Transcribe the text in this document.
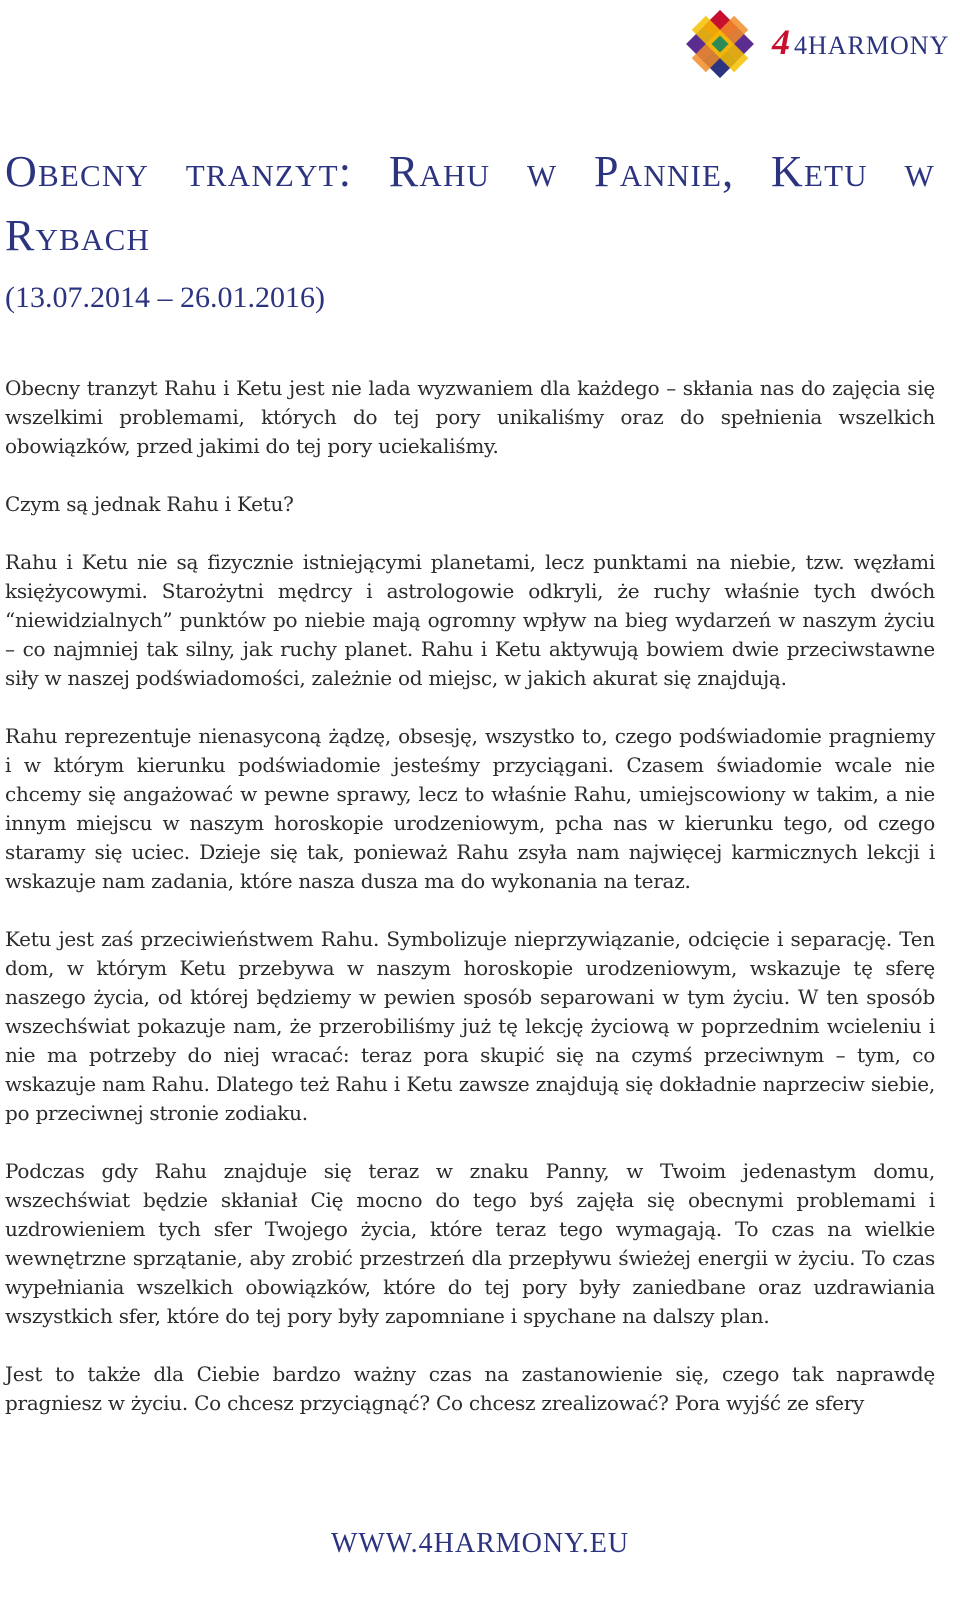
4 4HARMONY
Obecny tranzyt: Rahu w Pannie, Ketu w
Rybach
(13.07.2014 – 26.01.2016)

Obecny tranzyt Rahu i Ketu jest nie lada wyzwaniem dla każdego – skłania nas do zajęcia się wszelkimi problemami, których do tej pory unikaliśmy oraz do spełnienia wszelkich obowiązków, przed jakimi do tej pory uciekaliśmy.

Czym są jednak Rahu i Ketu?

Rahu i Ketu nie są fizycznie istniejącymi planetami, lecz punktami na niebie, tzw. węzłami księżycowymi. Starożytni mędrcy i astrologowie odkryli, że ruchy właśnie tych dwóch “niewidzialnych” punktów po niebie mają ogromny wpływ na bieg wydarzeń w naszym życiu – co najmniej tak silny, jak ruchy planet. Rahu i Ketu aktywują bowiem dwie przeciwstawne siły w naszej podświadomości, zależnie od miejsc, w jakich akurat się znajdują.

Rahu reprezentuje nienasyconą żądzę, obsesję, wszystko to, czego podświadomie pragniemy i w którym kierunku podświadomie jesteśmy przyciągani. Czasem świadomie wcale nie chcemy się angażować w pewne sprawy, lecz to właśnie Rahu, umiejscowiony w takim, a nie innym miejscu w naszym horoskopie urodzeniowym, pcha nas w kierunku tego, od czego staramy się uciec. Dzieje się tak, ponieważ Rahu zsyła nam najwięcej karmicznych lekcji i wskazuje nam zadania, które nasza dusza ma do wykonania na teraz.

Ketu jest zaś przeciwieństwem Rahu. Symbolizuje nieprzywiązanie, odcięcie i separację. Ten dom, w którym Ketu przebywa w naszym horoskopie urodzeniowym, wskazuje tę sferę naszego życia, od której będziemy w pewien sposób separowani w tym życiu. W ten sposób wszechświat pokazuje nam, że przerobiliśmy już tę lekcję życiową w poprzednim wcieleniu i nie ma potrzeby do niej wracać: teraz pora skupić się na czymś przeciwnym – tym, co wskazuje nam Rahu. Dlatego też Rahu i Ketu zawsze znajdują się dokładnie naprzeciw siebie, po przeciwnej stronie zodiaku.

Podczas gdy Rahu znajduje się teraz w znaku Panny, w Twoim jedenastym domu, wszechświat będzie skłaniał Cię mocno do tego byś zajęła się obecnymi problemami i uzdrowieniem tych sfer Twojego życia, które teraz tego wymagają. To czas na wielkie wewnętrzne sprzątanie, aby zrobić przestrzeń dla przepływu świeżej energii w życiu. To czas wypełniania wszelkich obowiązków, które do tej pory były zaniedbane oraz uzdrawiania wszystkich sfer, które do tej pory były zapomniane i spychane na dalszy plan.

Jest to także dla Ciebie bardzo ważny czas na zastanowienie się, czego tak naprawdę pragniesz w życiu. Co chcesz przyciągnąć? Co chcesz zrealizować? Pora wyjść ze sfery

WWW.4HARMONY.EU
